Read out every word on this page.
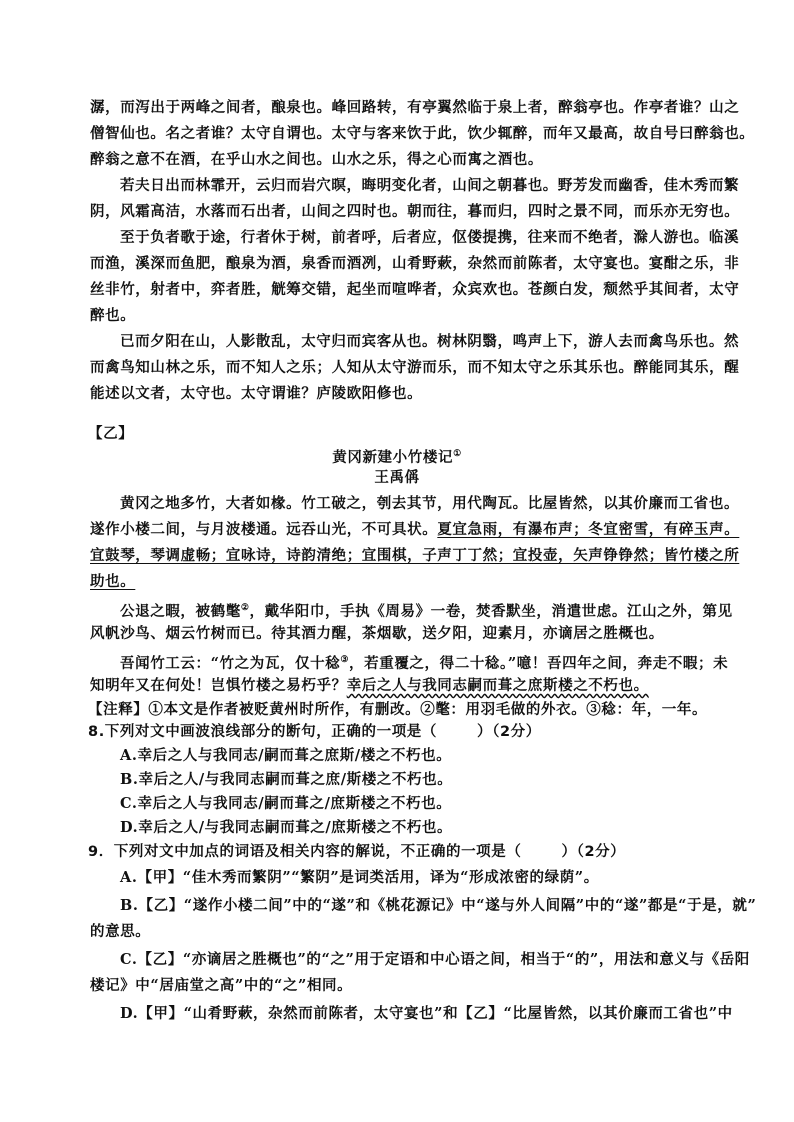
潺，而泻出于两峰之间者，酿泉也。峰回路转，有亭翼然临于泉上者，醉翁亭也。作亭者谁？山之
僧智仙也。名之者谁？太守自谓也。太守与客来饮于此，饮少辄醉，而年又最高，故自号曰醉翁也。
醉翁之意不在酒，在乎山水之间也。山水之乐，得之心而寓之酒也。
若夫日出而林霏开，云归而岩穴暝，晦明变化者，山间之朝暮也。野芳发而幽香，佳木秀而繁
阴，风霜高洁，水落而石出者，山间之四时也。朝而往，暮而归，四时之景不同，而乐亦无穷也。
至于负者歌于途，行者休于树，前者呼，后者应，伛偻提携，往来而不绝者，滁人游也。临溪
而渔，溪深而鱼肥，酿泉为酒，泉香而酒冽，山肴野蔌，杂然而前陈者，太守宴也。宴酣之乐，非
丝非竹，射者中，弈者胜，觥筹交错，起坐而喧哗者，众宾欢也。苍颜白发，颓然乎其间者，太守
醉也。
已而夕阳在山，人影散乱，太守归而宾客从也。树林阴翳，鸣声上下，游人去而禽鸟乐也。然
而禽鸟知山林之乐，而不知人之乐；人知从太守游而乐，而不知太守之乐其乐也。醉能同其乐，醒
能述以文者，太守也。太守谓谁？庐陵欧阳修也。
【乙】
黄冈新建小竹楼记①
王禹偁
黄冈之地多竹，大者如椽。竹工破之，刳去其节，用代陶瓦。比屋皆然，以其价廉而工省也。
遂作小楼二间，与月波楼通。远吞山光，不可具状。夏宜急雨，有瀑布声；冬宜密雪，有碎玉声。
宜鼓琴，琴调虚畅；宜咏诗，诗韵清绝；宜围棋，子声丁丁然；宜投壶，矢声铮铮然；皆竹楼之所
助也。
公退之暇，被鹤氅②，戴华阳巾，手执《周易》一卷，焚香默坐，消遣世虑。江山之外，第见
风帆沙鸟、烟云竹树而已。待其酒力醒，茶烟歇，送夕阳，迎素月，亦谪居之胜概也。
吾闻竹工云：“竹之为瓦，仅十稔③，若重覆之，得二十稔。”噫！吾四年之间，奔走不暇；未
知明年又在何处！岂惧竹楼之易朽乎？幸后之人与我同志嗣而葺之庶斯楼之不朽也。
【注释】①本文是作者被贬黄州时所作，有删改。②氅：用羽毛做的外衣。③稔：年，一年。
8.下列对文中画波浪线部分的断句，正确的一项是（	）（2分）
A.幸后之人与我同志/嗣而葺之庶斯/楼之不朽也。
B.幸后之人/与我同志嗣而葺之庶/斯楼之不朽也。
C.幸后之人与我同志/嗣而葺之/庶斯楼之不朽也。
D.幸后之人/与我同志嗣而葺之/庶斯楼之不朽也。
9．下列对文中加点的词语及相关内容的解说，不正确的一项是（	）（2分）
A.【甲】“佳木秀而繁阴”“繁阴”是词类活用，译为“形成浓密的绿荫”。
B.【乙】“遂作小楼二间”中的“遂”和《桃花源记》中“遂与外人间隔”中的“遂”都是“于是，就”
的意思。
C.【乙】“亦谪居之胜概也”的“之”用于定语和中心语之间，相当于“的”，用法和意义与《岳阳
楼记》中“居庙堂之高”中的“之”相同。
D.【甲】“山肴野蔌，杂然而前陈者，太守宴也”和【乙】“比屋皆然，以其价廉而工省也”中
